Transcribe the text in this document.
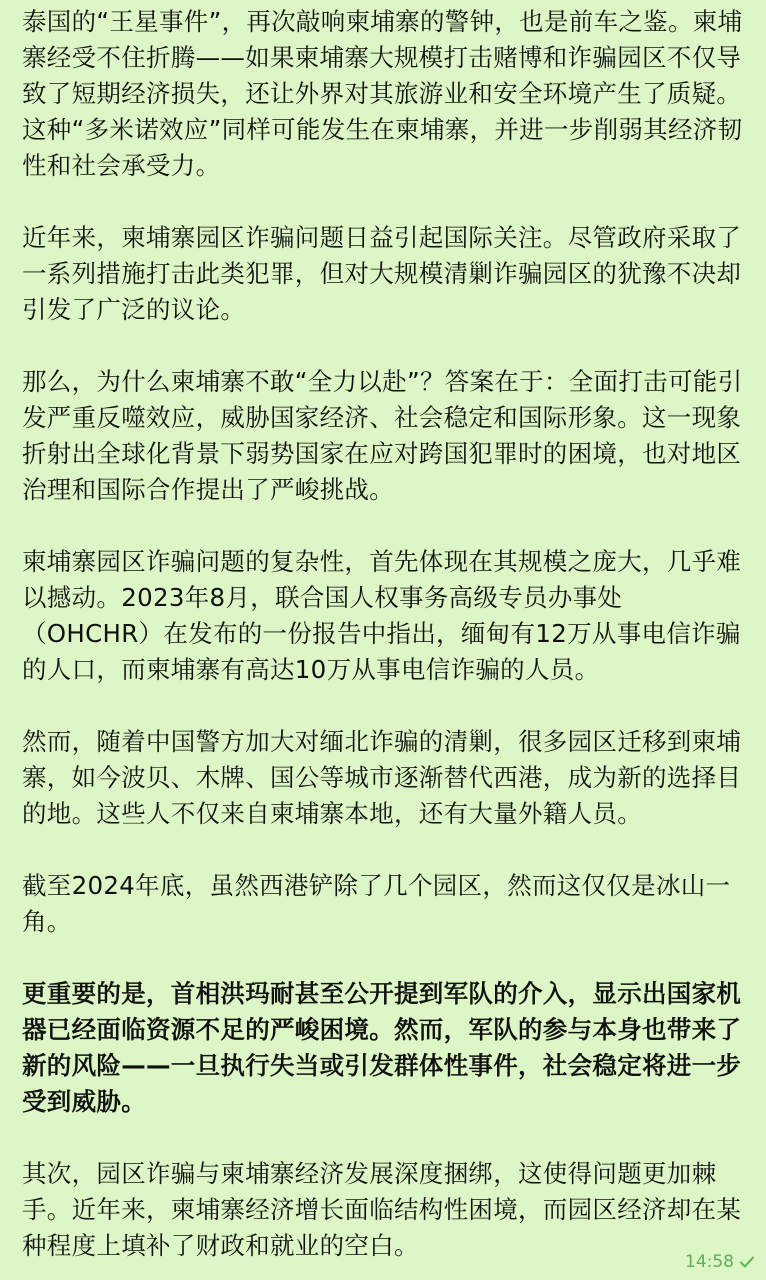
泰国的“王星事件”，再次敲响柬埔寨的警钟，也是前车之鉴。柬埔寨经受不住折腾——如果柬埔寨大规模打击赌博和诈骗园区不仅导致了短期经济损失，还让外界对其旅游业和安全环境产生了质疑。这种“多米诺效应”同样可能发生在柬埔寨，并进一步削弱其经济韧性和社会承受力。

近年来，柬埔寨园区诈骗问题日益引起国际关注。尽管政府采取了一系列措施打击此类犯罪，但对大规模清剿诈骗园区的犹豫不决却引发了广泛的议论。

那么，为什么柬埔寨不敢“全力以赴”？答案在于：全面打击可能引发严重反噬效应，威胁国家经济、社会稳定和国际形象。这一现象折射出全球化背景下弱势国家在应对跨国犯罪时的困境，也对地区治理和国际合作提出了严峻挑战。

柬埔寨园区诈骗问题的复杂性，首先体现在其规模之庞大，几乎难以撼动。2023年8月，联合国人权事务高级专员办事处（OHCHR）在发布的一份报告中指出，缅甸有12万从事电信诈骗的人口，而柬埔寨有高达10万从事电信诈骗的人员。

然而，随着中国警方加大对缅北诈骗的清剿，很多园区迁移到柬埔寨，如今波贝、木牌、国公等城市逐渐替代西港，成为新的选择目的地。这些人不仅来自柬埔寨本地，还有大量外籍人员。

截至2024年底，虽然西港铲除了几个园区，然而这仅仅是冰山一角。

更重要的是，首相洪玛耐甚至公开提到军队的介入，显示出国家机器已经面临资源不足的严峻困境。然而，军队的参与本身也带来了新的风险——一旦执行失当或引发群体性事件，社会稳定将进一步受到威胁。

其次，园区诈骗与柬埔寨经济发展深度捆绑，这使得问题更加棘手。近年来，柬埔寨经济增长面临结构性困境，而园区经济却在某种程度上填补了财政和就业的空白。

14:58
